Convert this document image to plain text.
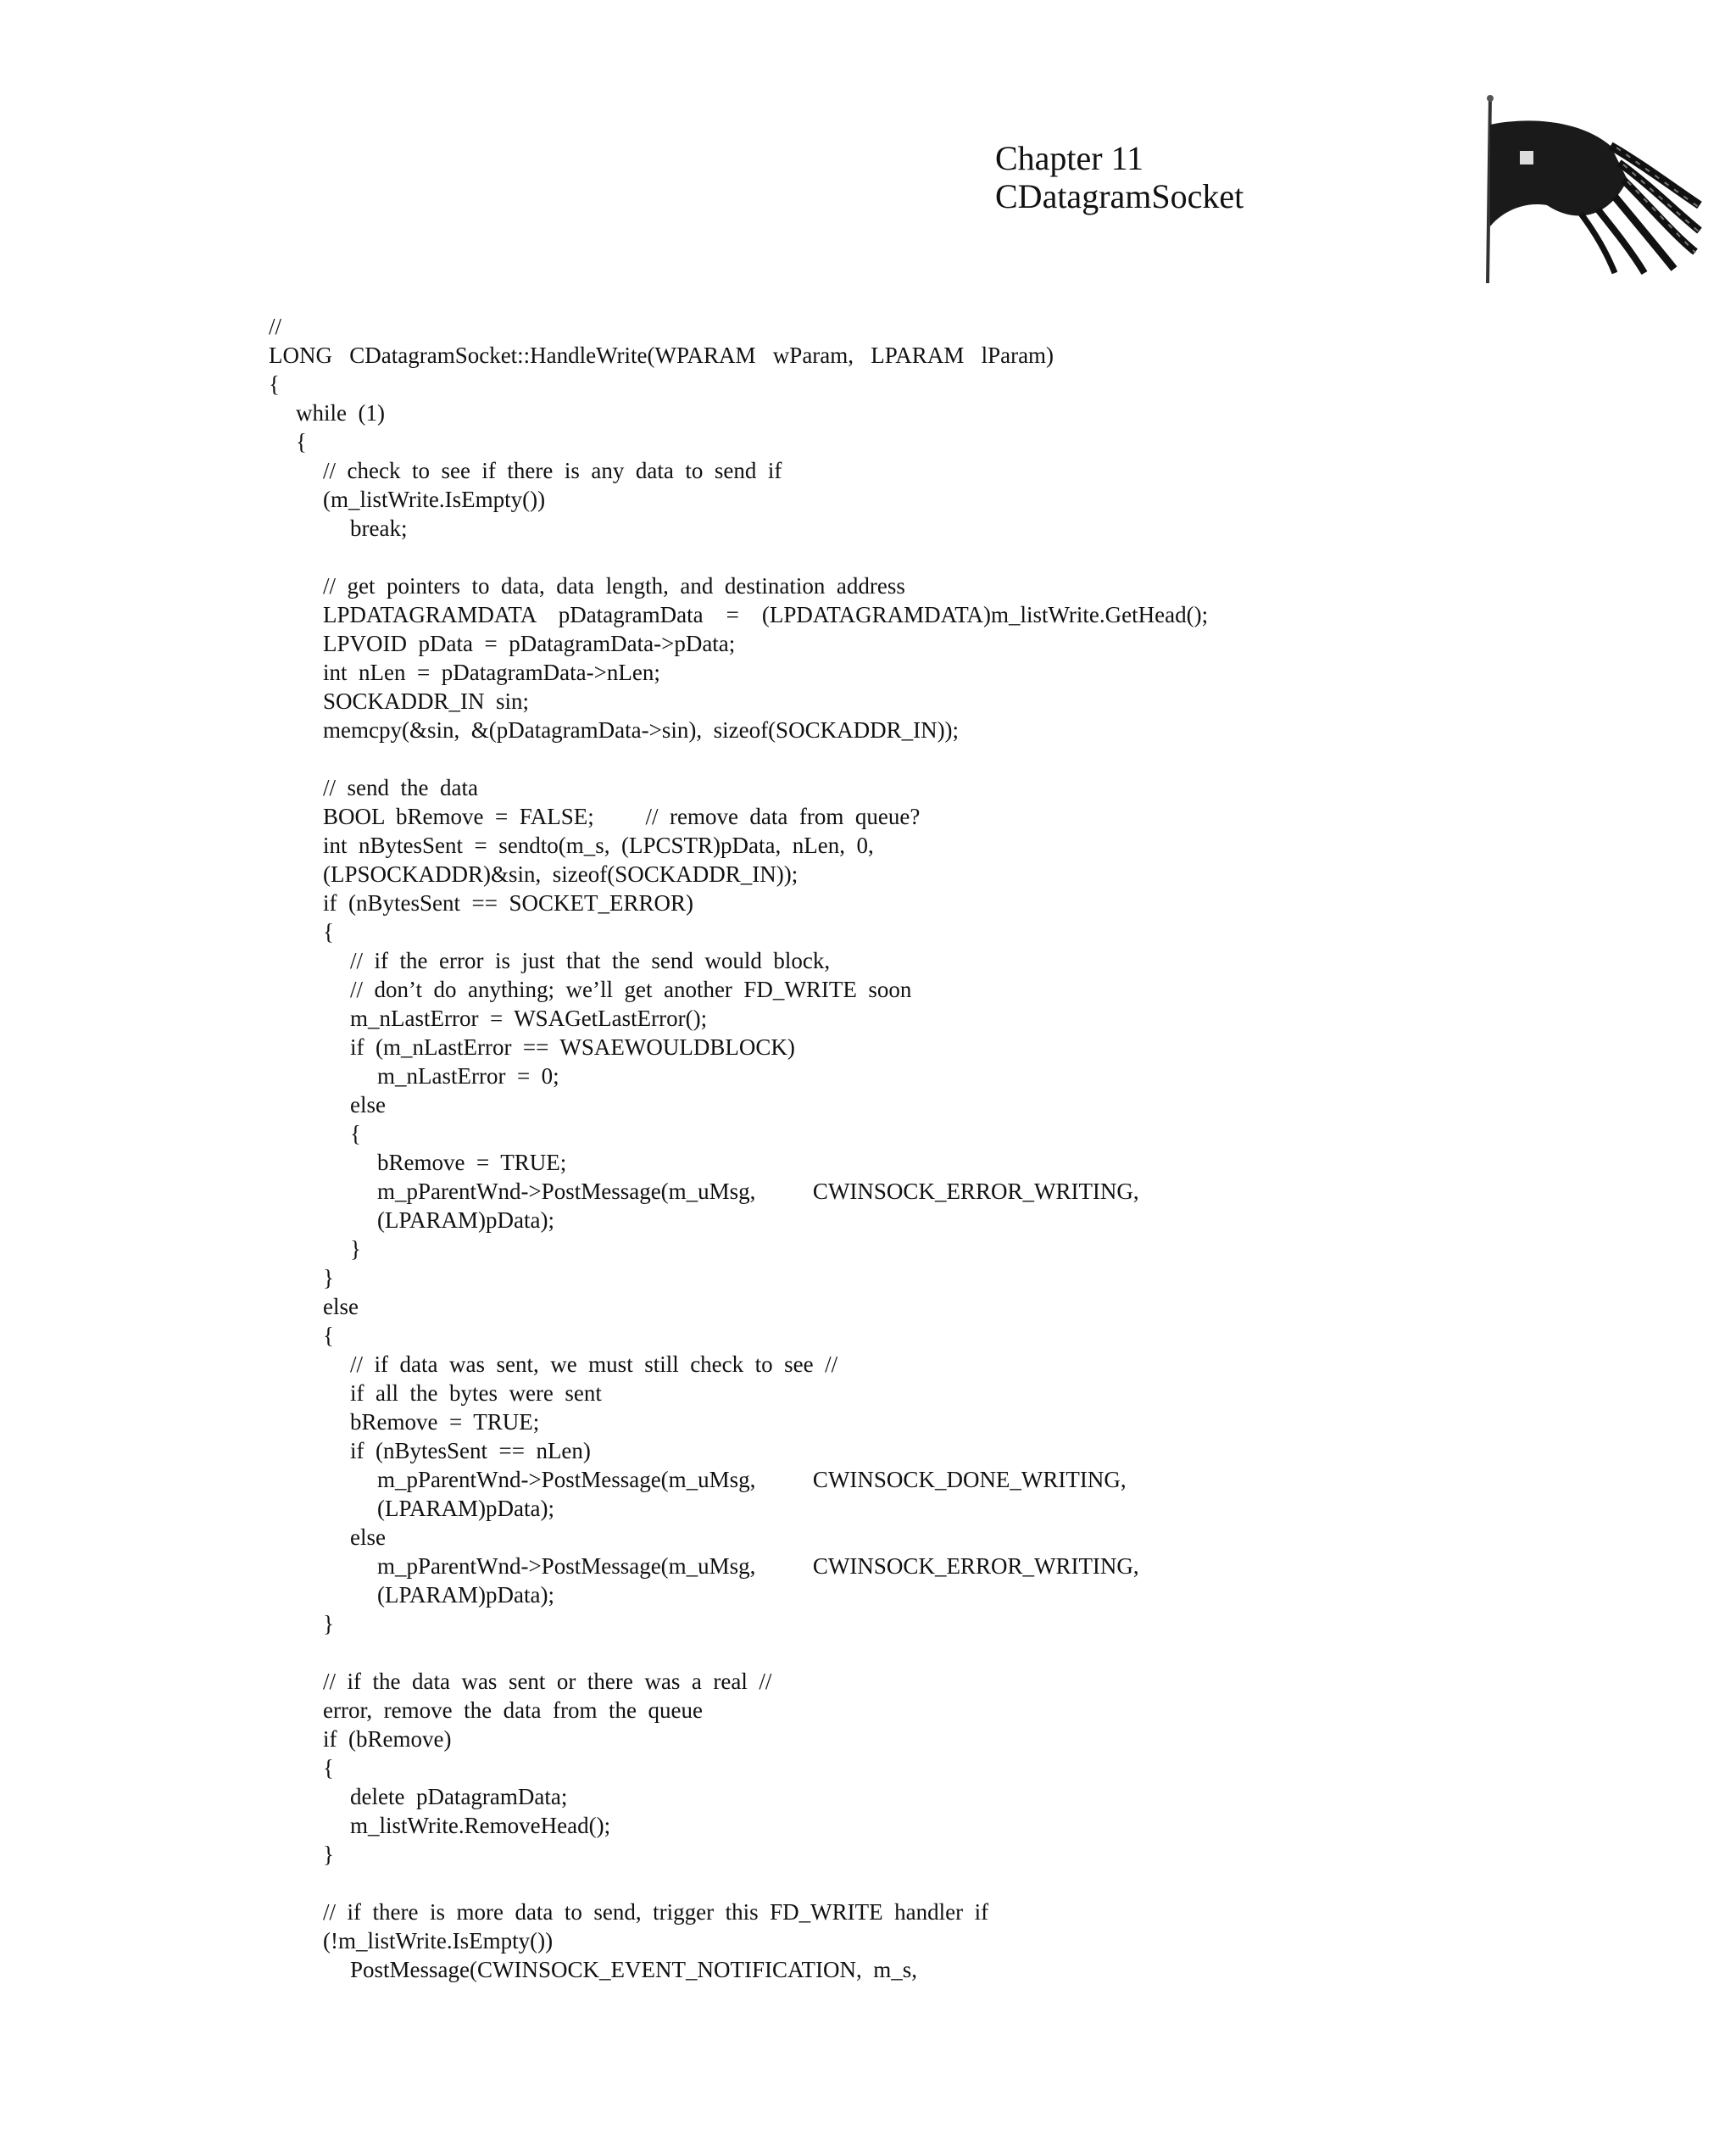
Chapter 11
CDatagramSocket
//
LONG   CDatagramSocket::HandleWrite(WPARAM   wParam,   LPARAM   lParam)
{
while  (1)
{
//  check  to  see  if  there  is  any  data  to  send  if
(m_listWrite.IsEmpty())
break;
//  get  pointers  to  data,  data  length,  and  destination  address
LPDATAGRAMDATA    pDatagramData    =    (LPDATAGRAMDATA)m_listWrite.GetHead();
LPVOID  pData  =  pDatagramData->pData;
int  nLen  =  pDatagramData->nLen;
SOCKADDR_IN  sin;
memcpy(&sin,  &(pDatagramData->sin),  sizeof(SOCKADDR_IN));
//  send  the  data
BOOL  bRemove  =  FALSE;         //  remove  data  from  queue?
int  nBytesSent  =  sendto(m_s,  (LPCSTR)pData,  nLen,  0,
(LPSOCKADDR)&sin,  sizeof(SOCKADDR_IN));
if  (nBytesSent  ==  SOCKET_ERROR)
{
//  if  the  error  is  just  that  the  send  would  block,
//  don’t  do  anything;  we’ll  get  another  FD_WRITE  soon
m_nLastError  =  WSAGetLastError();
if  (m_nLastError  ==  WSAEWOULDBLOCK)
m_nLastError  =  0;
else
{
bRemove  =  TRUE;
m_pParentWnd->PostMessage(m_uMsg,          CWINSOCK_ERROR_WRITING,
(LPARAM)pData);
}
}
else
{
//  if  data  was  sent,  we  must  still  check  to  see  //
if  all  the  bytes  were  sent
bRemove  =  TRUE;
if  (nBytesSent  ==  nLen)
m_pParentWnd->PostMessage(m_uMsg,          CWINSOCK_DONE_WRITING,
(LPARAM)pData);
else
m_pParentWnd->PostMessage(m_uMsg,          CWINSOCK_ERROR_WRITING,
(LPARAM)pData);
}
//  if  the  data  was  sent  or  there  was  a  real  //
error,  remove  the  data  from  the  queue
if  (bRemove)
{
delete  pDatagramData;
m_listWrite.RemoveHead();
}
//  if  there  is  more  data  to  send,  trigger  this  FD_WRITE  handler  if
(!m_listWrite.IsEmpty())
PostMessage(CWINSOCK_EVENT_NOTIFICATION,  m_s,
